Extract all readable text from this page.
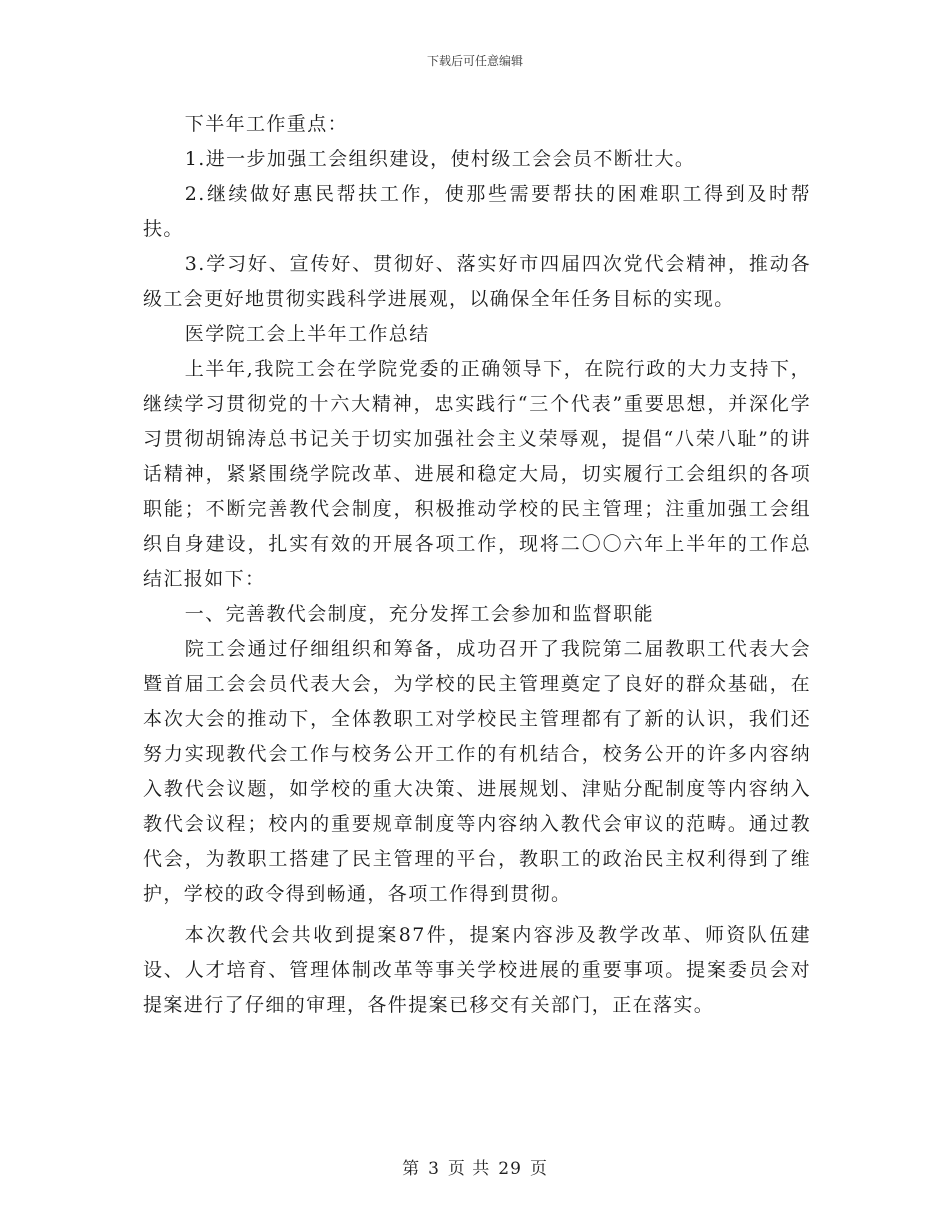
下载后可任意编辑

下半年工作重点：

1.进一步加强工会组织建设，使村级工会会员不断壮大。

2.继续做好惠民帮扶工作，使那些需要帮扶的困难职工得到及时帮扶。

3.学习好、宣传好、贯彻好、落实好市四届四次党代会精神，推动各级工会更好地贯彻实践科学进展观，以确保全年任务目标的实现。

医学院工会上半年工作总结

上半年,我院工会在学院党委的正确领导下，在院行政的大力支持下，继续学习贯彻党的十六大精神，忠实践行“三个代表”重要思想，并深化学习贯彻胡锦涛总书记关于切实加强社会主义荣辱观，提倡“八荣八耻”的讲话精神，紧紧围绕学院改革、进展和稳定大局，切实履行工会组织的各项职能；不断完善教代会制度，积极推动学校的民主管理；注重加强工会组织自身建设，扎实有效的开展各项工作，现将二〇〇六年上半年的工作总结汇报如下：

一、完善教代会制度，充分发挥工会参加和监督职能

院工会通过仔细组织和筹备，成功召开了我院第二届教职工代表大会暨首届工会会员代表大会，为学校的民主管理奠定了良好的群众基础，在本次大会的推动下，全体教职工对学校民主管理都有了新的认识，我们还努力实现教代会工作与校务公开工作的有机结合，校务公开的许多内容纳入教代会议题，如学校的重大决策、进展规划、津贴分配制度等内容纳入教代会议程；校内的重要规章制度等内容纳入教代会审议的范畴。通过教代会，为教职工搭建了民主管理的平台，教职工的政治民主权利得到了维护，学校的政令得到畅通，各项工作得到贯彻。

本次教代会共收到提案87件，提案内容涉及教学改革、师资队伍建设、人才培育、管理体制改革等事关学校进展的重要事项。提案委员会对提案进行了仔细的审理，各件提案已移交有关部门，正在落实。

第 3 页 共 29 页
